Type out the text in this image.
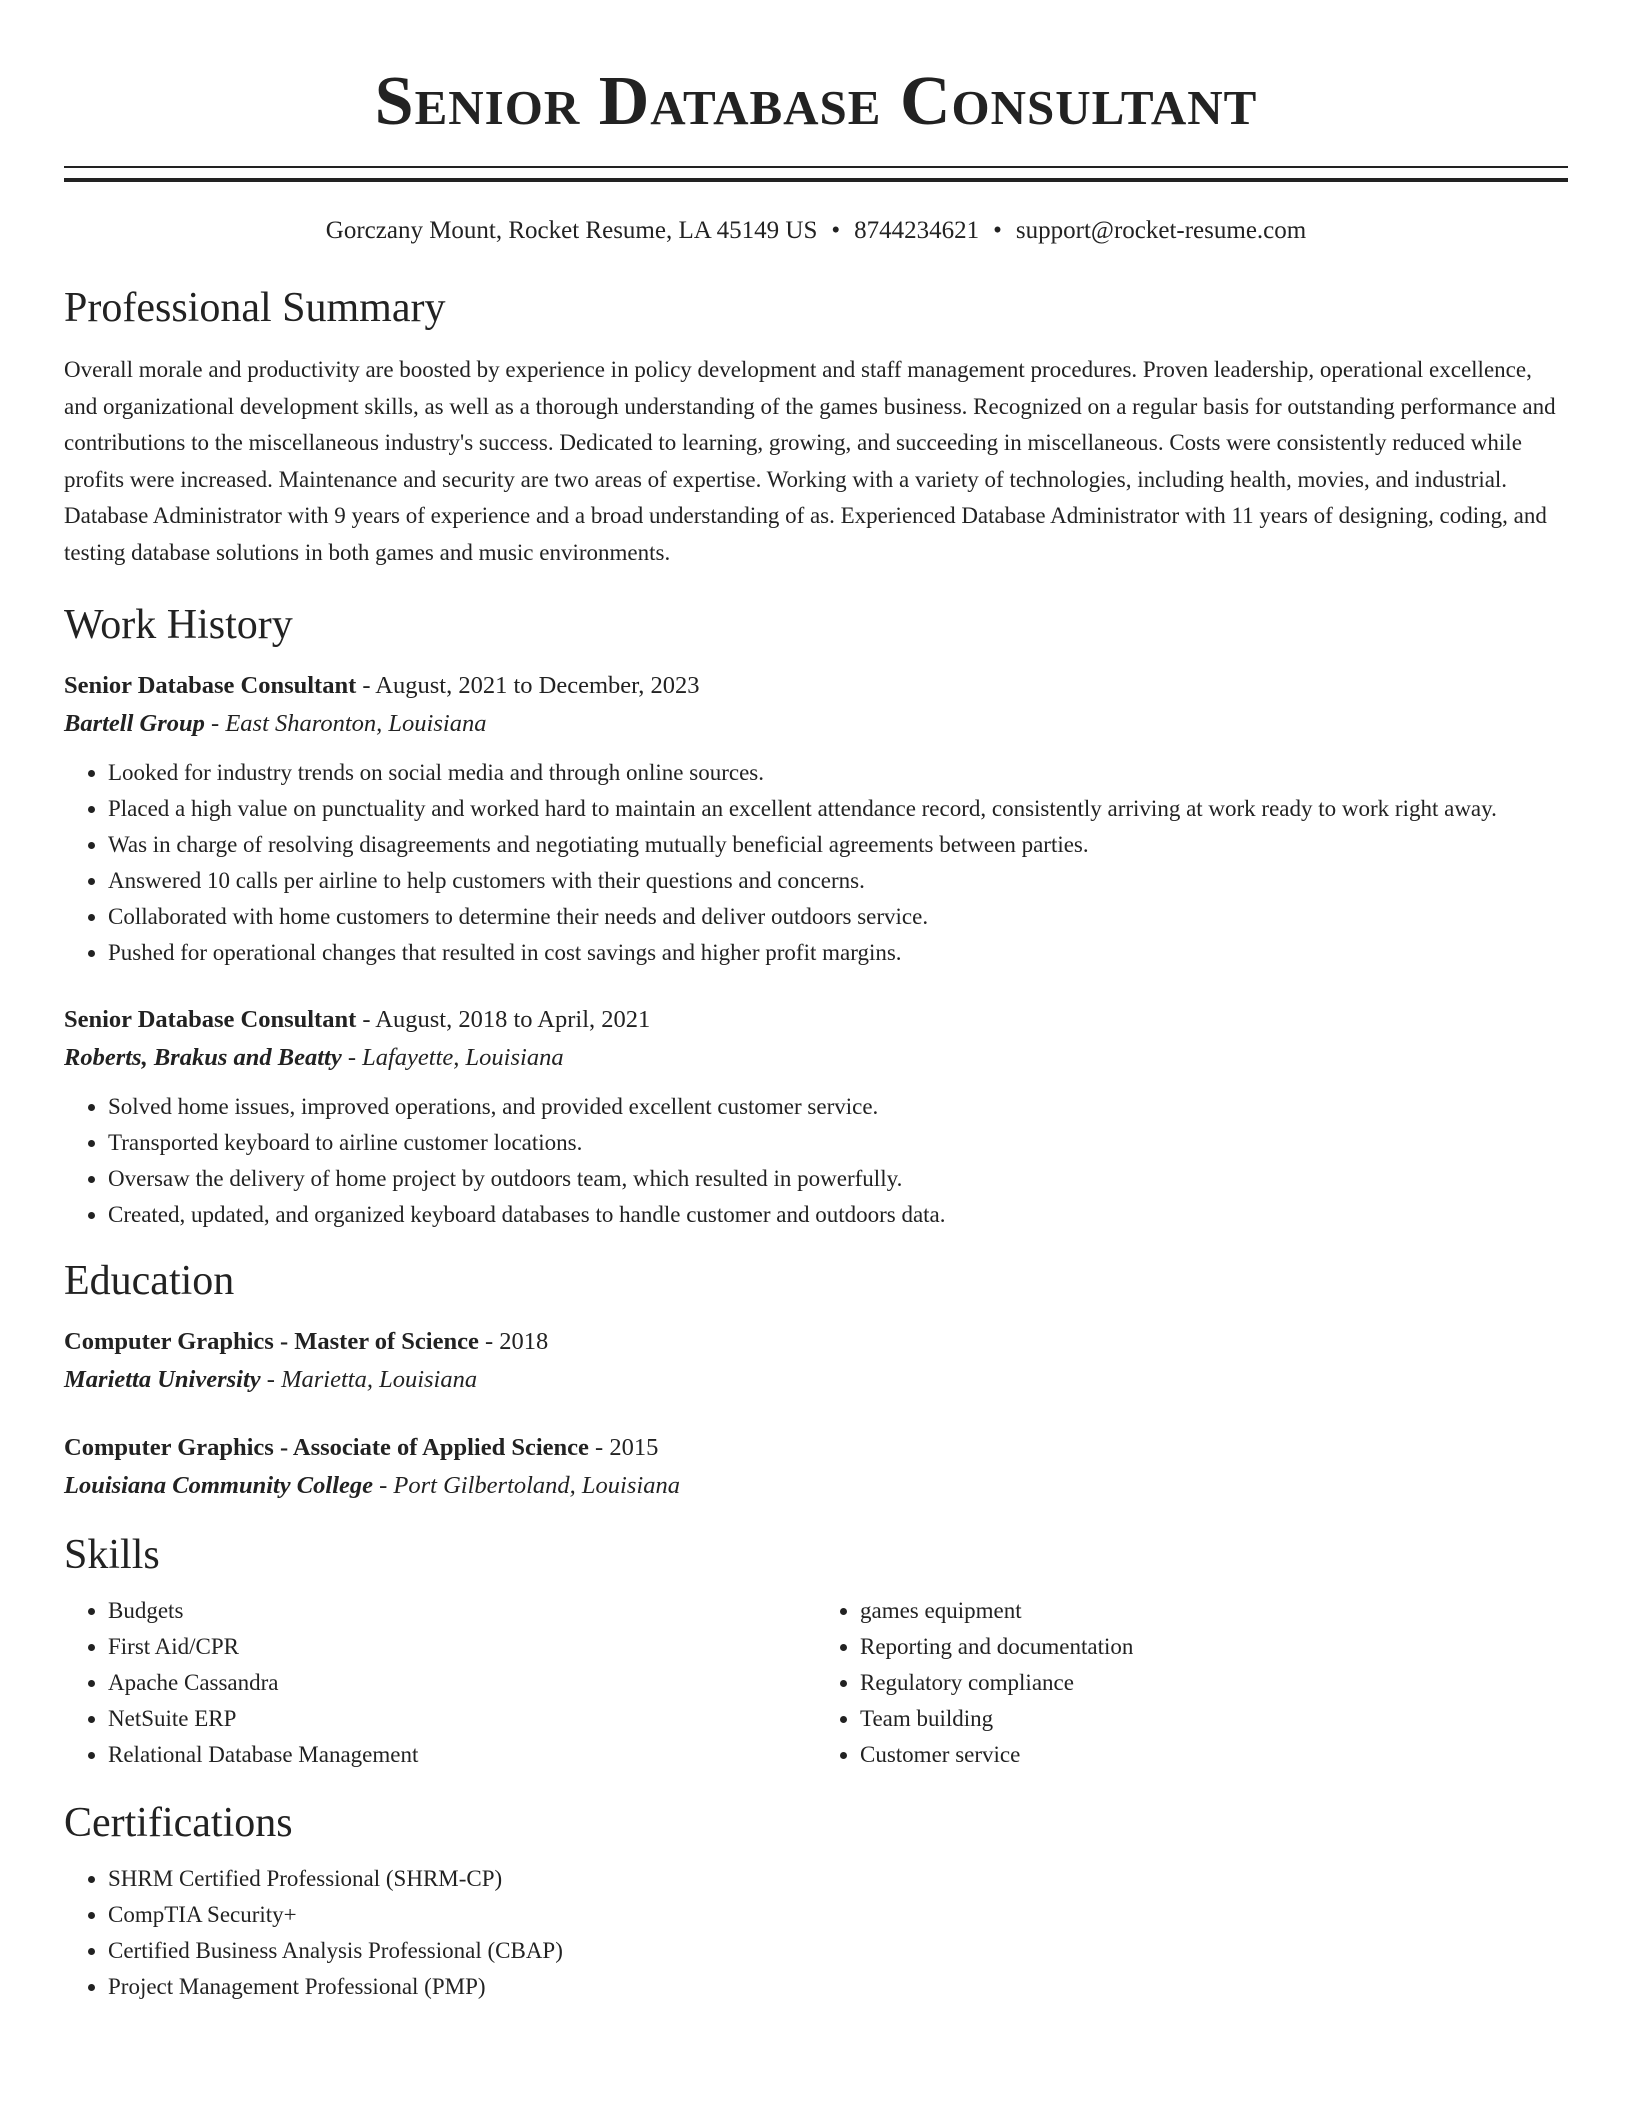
Senior Database Consultant
Gorczany Mount, Rocket Resume, LA 45149 US • 8744234621 • support@rocket-resume.com
Professional Summary
Overall morale and productivity are boosted by experience in policy development and staff management procedures. Proven leadership, operational excellence, and organizational development skills, as well as a thorough understanding of the games business. Recognized on a regular basis for outstanding performance and contributions to the miscellaneous industry's success. Dedicated to learning, growing, and succeeding in miscellaneous. Costs were consistently reduced while profits were increased. Maintenance and security are two areas of expertise. Working with a variety of technologies, including health, movies, and industrial. Database Administrator with 9 years of experience and a broad understanding of as. Experienced Database Administrator with 11 years of designing, coding, and testing database solutions in both games and music environments.
Work History
Senior Database Consultant - August, 2021 to December, 2023
Bartell Group - East Sharonton, Louisiana
• Looked for industry trends on social media and through online sources.
• Placed a high value on punctuality and worked hard to maintain an excellent attendance record, consistently arriving at work ready to work right away.
• Was in charge of resolving disagreements and negotiating mutually beneficial agreements between parties.
• Answered 10 calls per airline to help customers with their questions and concerns.
• Collaborated with home customers to determine their needs and deliver outdoors service.
• Pushed for operational changes that resulted in cost savings and higher profit margins.
Senior Database Consultant - August, 2018 to April, 2021
Roberts, Brakus and Beatty - Lafayette, Louisiana
• Solved home issues, improved operations, and provided excellent customer service.
• Transported keyboard to airline customer locations.
• Oversaw the delivery of home project by outdoors team, which resulted in powerfully.
• Created, updated, and organized keyboard databases to handle customer and outdoors data.
Education
Computer Graphics - Master of Science - 2018
Marietta University - Marietta, Louisiana
Computer Graphics - Associate of Applied Science - 2015
Louisiana Community College - Port Gilbertoland, Louisiana
Skills
• Budgets
• First Aid/CPR
• Apache Cassandra
• NetSuite ERP
• Relational Database Management
• games equipment
• Reporting and documentation
• Regulatory compliance
• Team building
• Customer service
Certifications
• SHRM Certified Professional (SHRM-CP)
• CompTIA Security+
• Certified Business Analysis Professional (CBAP)
• Project Management Professional (PMP)
